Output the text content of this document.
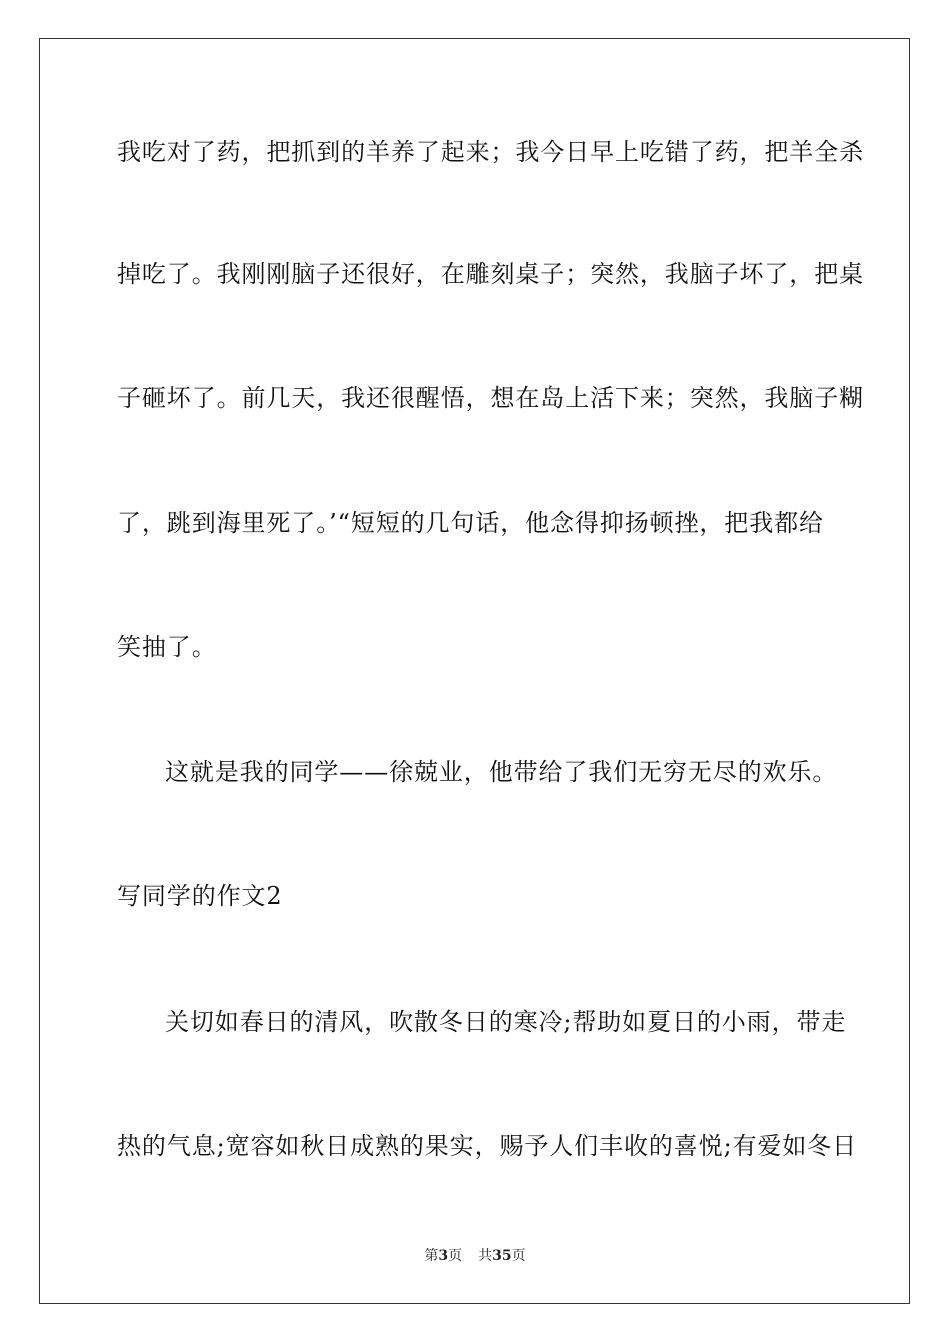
我吃对了药，把抓到的羊养了起来；我今日早上吃错了药，把羊全杀
掉吃了。我刚刚脑子还很好，在雕刻桌子；突然，我脑子坏了，把桌
子砸坏了。前几天，我还很醒悟，想在岛上活下来；突然，我脑子糊
了，跳到海里死了。’“短短的几句话，他念得抑扬顿挫，把我都给
笑抽了。
这就是我的同学——徐兢业，他带给了我们无穷无尽的欢乐。
写同学的作文2
关切如春日的清风，吹散冬日的寒冷;帮助如夏日的小雨，带走
热的气息;宽容如秋日成熟的果实，赐予人们丰收的喜悦;有爱如冬日
第3页 共35页
